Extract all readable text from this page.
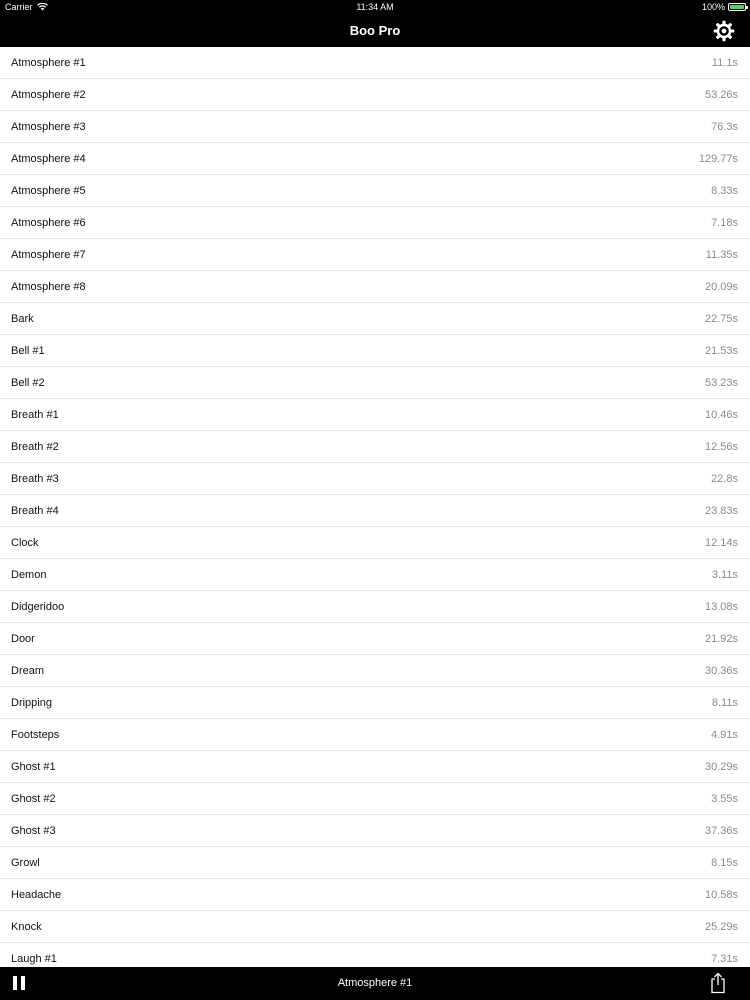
Carrier	11:34 AM	100%
Boo Pro
Atmosphere #1	11.1s
Atmosphere #2	53.26s
Atmosphere #3	76.3s
Atmosphere #4	129.77s
Atmosphere #5	8.33s
Atmosphere #6	7.18s
Atmosphere #7	11.35s
Atmosphere #8	20.09s
Bark	22.75s
Bell #1	21.53s
Bell #2	53.23s
Breath #1	10.46s
Breath #2	12.56s
Breath #3	22.8s
Breath #4	23.83s
Clock	12.14s
Demon	3.11s
Didgeridoo	13.08s
Door	21.92s
Dream	30.36s
Dripping	8.11s
Footsteps	4.91s
Ghost #1	30.29s
Ghost #2	3.55s
Ghost #3	37.36s
Growl	8.15s
Headache	10.58s
Knock	25.29s
Laugh #1	7.31s
Atmosphere #1
